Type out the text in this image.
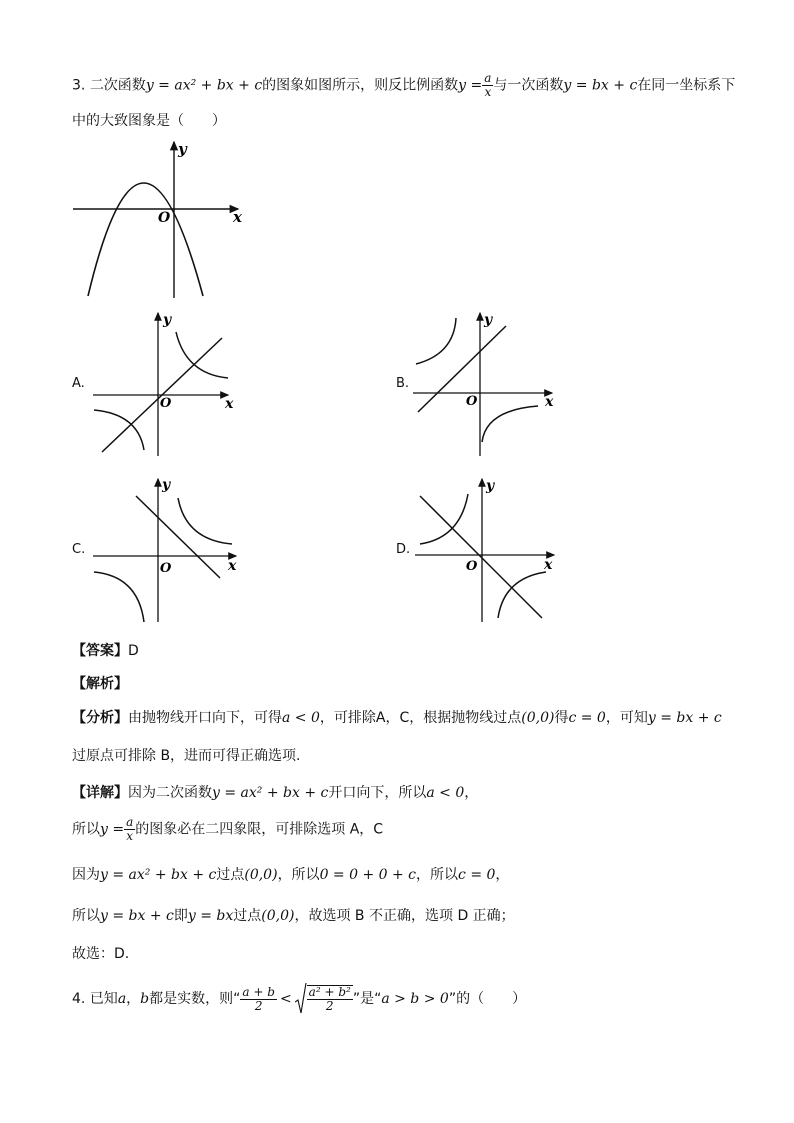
3. 二次函数y = ax² + bx + c的图象如图所示，则反比例函数$y = \frac{a}{x}$ 与一次函数y = bx + c在同一坐标系下
中的大致图象是（　　）
y
x
O
A.
y
x
O
B.
y
x
O
C.
y
x
O
D.
y
x
O
【答案】D
【解析】
【分析】由抛物线开口向下，可得a < 0，可排除A，C，根据抛物线过点(0,0)得c = 0，可知y = bx + c
过原点可排除 B，进而可得正确选项.
【详解】因为二次函数y = ax² + bx + c开口向下，所以a < 0，
所以$y = \frac{a}{x}$ 的图象必在二四象限，可排除选项 A，C
因为y = ax² + bx + c过点(0,0)，所以0 = 0 + 0 + c，所以c = 0，
所以y = bx + c即y = bx过点(0,0)，故选项 B 不正确，选项 D 正确；
故选：D.
4. 已知a，b都是实数，则“ $\frac{a + b}{2} < \frac{\text{a² + b²}}{2}$ ”是“a > b > 0”的（　　）
